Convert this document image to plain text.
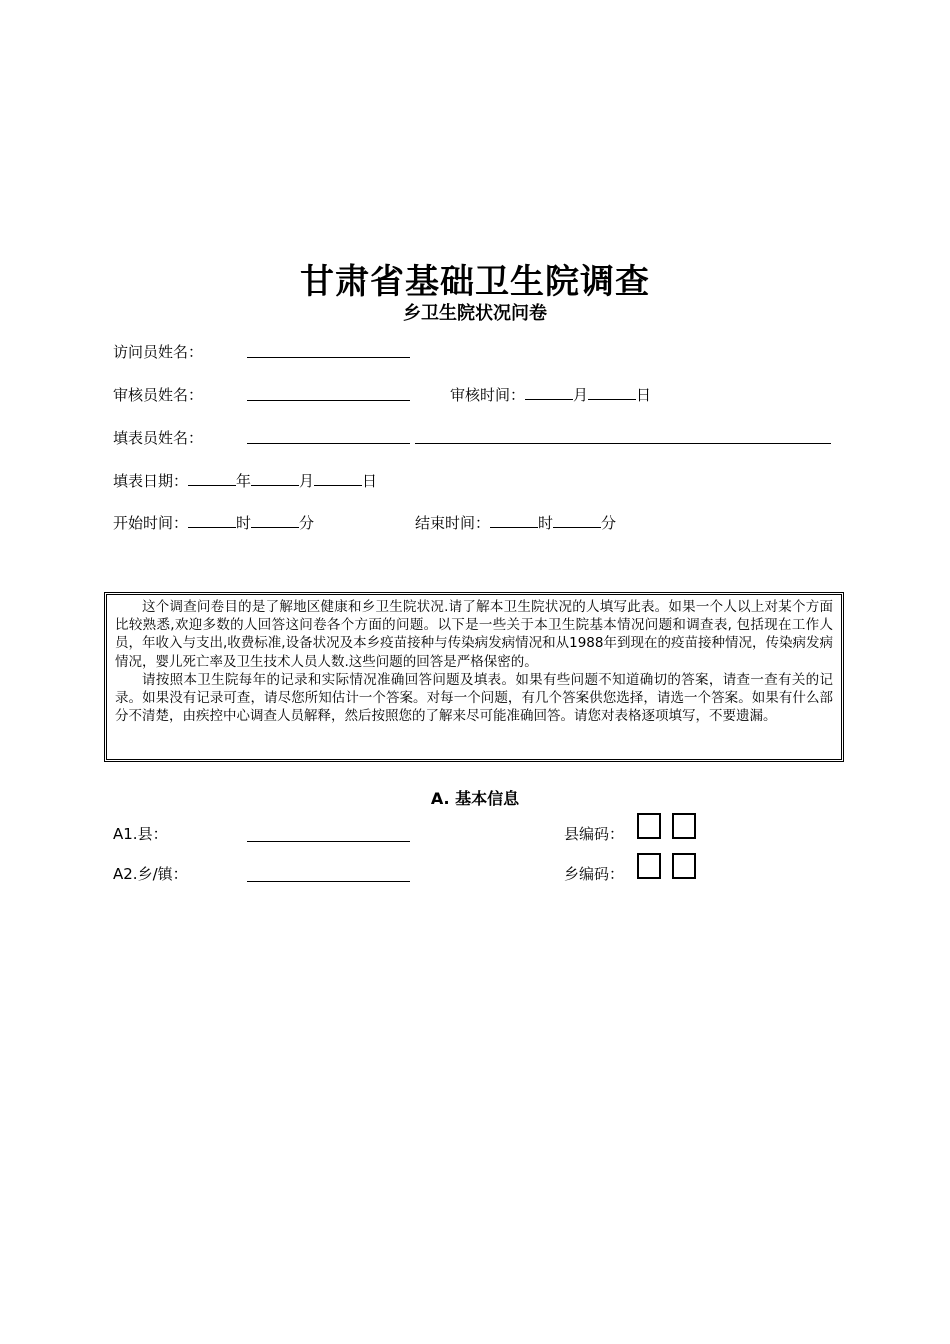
甘肃省基础卫生院调查
乡卫生院状况问卷
访问员姓名：
审核员姓名：	审核时间：	月	日
填表员姓名：
填表日期：	年	月	日
开始时间：	时	分	结束时间：	时	分

这个调查问卷目的是了解地区健康和乡卫生院状况.请了解本卫生院状况的人填写此表。如果一个人以上对某个方面比较熟悉,欢迎多数的人回答这问卷各个方面的问题。以下是一些关于本卫生院基本情况问题和调查表, 包括现在工作人员，年收入与支出,收费标准,设备状况及本乡疫苗接种与传染病发病情况和从1988年到现在的疫苗接种情况，传染病发病情况，婴儿死亡率及卫生技术人员人数.这些问题的回答是严格保密的。

请按照本卫生院每年的记录和实际情况准确回答问题及填表。如果有些问题不知道确切的答案，请查一查有关的记录。如果没有记录可查，请尽您所知估计一个答案。对每一个问题，有几个答案供您选择，请选一个答案。如果有什么部分不清楚，由疾控中心调查人员解释，然后按照您的了解来尽可能准确回答。请您对表格逐项填写，不要遗漏。

A. 基本信息
A1.县：	县编码：
A2.乡/镇：	乡编码：
